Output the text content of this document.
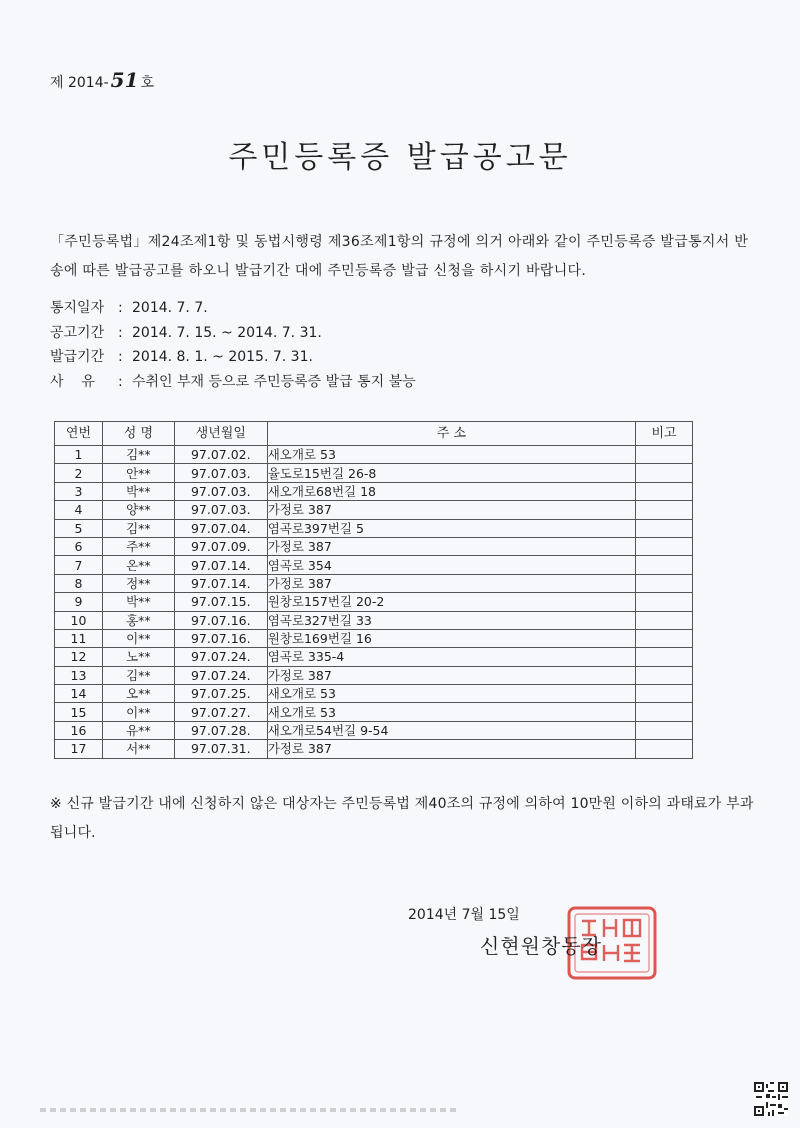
제 2014- 51 호
주민등록증 발급공고문
「주민등록법」제24조제1항 및 동법시행령 제36조제1항의 규정에 의거 아래와 같이 주민등록증 발급통지서 반송에 따른 발급공고를 하오니 발급기간 대에 주민등록증 발급 신청을 하시기 바랍니다.
통지일자 : 2014. 7. 7.
공고기간 : 2014. 7. 15. ~ 2014. 7. 31.
발급기간 : 2014. 8. 1. ~ 2015. 7. 31.
사    유	: 수취인 부재 등으로 주민등록증 발급 통지 불능
연번	성 명	생년월일	주 소	비고
1	김**	97.07.02.	새오개로 53	
2	안**	97.07.03.	율도로15번길 26-8	
3	박**	97.07.03.	새오개로68번길 18	
4	양**	97.07.03.	가정로 387	
5	김**	97.07.04.	염곡로397번길 5	
6	주**	97.07.09.	가정로 387	
7	온**	97.07.14.	염곡로 354	
8	정**	97.07.14.	가정로 387	
9	박**	97.07.15.	원창로157번길 20-2	
10	홍**	97.07.16.	염곡로327번길 33	
11	이**	97.07.16.	원창로169번길 16	
12	노**	97.07.24.	염곡로 335-4	
13	김**	97.07.24.	가정로 387	
14	오**	97.07.25.	새오개로 53	
15	이**	97.07.27.	새오개로 53	
16	유**	97.07.28.	새오개로54번길 9-54	
17	서**	97.07.31.	가정로 387	
※ 신규 발급기간 내에 신청하지 않은 대상자는 주민등록법 제40조의 규정에 의하여 10만원 이하의 과태료가 부과됩니다.
2014년 7월 15일
신현원창동장
